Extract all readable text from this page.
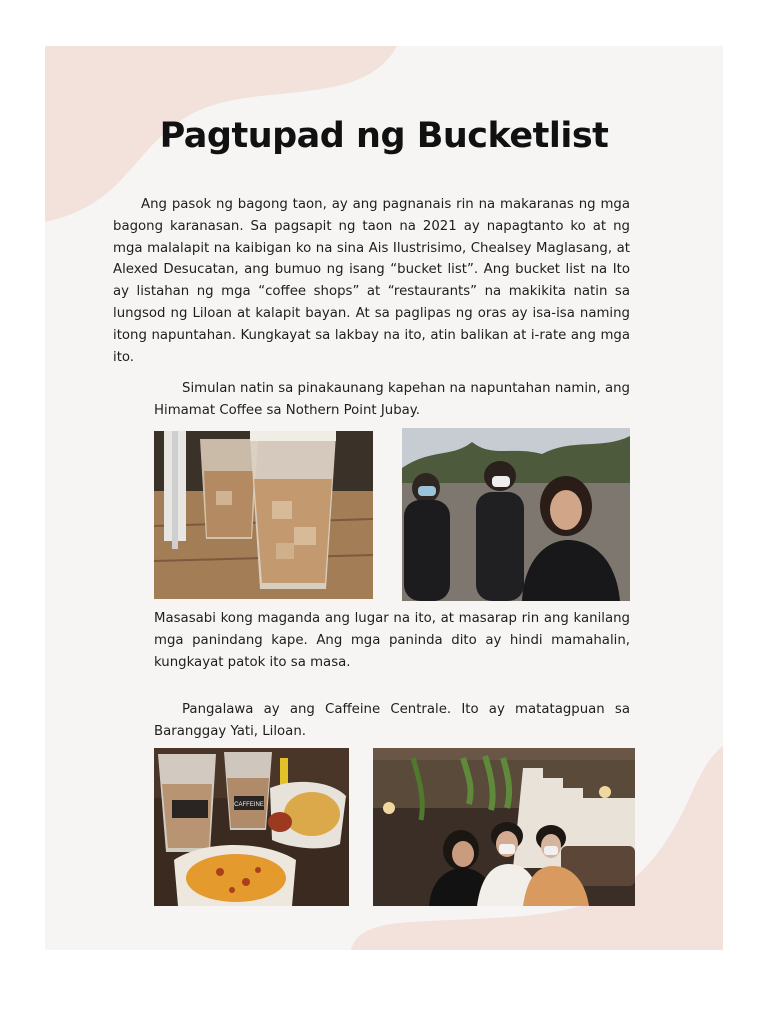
Pagtupad ng Bucketlist

Ang pasok ng bagong taon, ay ang pagnanais rin na makaranas ng mga bagong karanasan. Sa pagsapit ng taon na 2021 ay napagtanto ko at ng mga malalapit na kaibigan ko na sina Ais Ilustrisimo, Chealsey Maglasang, at Alexed Desucatan, ang bumuo ng isang “bucket list”. Ang bucket list na Ito ay listahan ng mga “coffee shops” at “restaurants” na makikita natin sa lungsod ng Liloan at kalapit bayan. At sa paglipas ng oras ay isa-isa naming itong napuntahan. Kungkayat sa lakbay na ito, atin balikan at i-rate ang mga ito.

Simulan natin sa pinakaunang kapehan na napuntahan namin, ang Himamat Coffee sa Nothern Point Jubay.

Masasabi kong maganda ang lugar na ito, at masarap rin ang kanilang mga panindang kape. Ang mga paninda dito ay hindi mamahalin, kungkayat patok ito sa masa.

Pangalawa ay ang Caffeine Centrale. Ito ay matatagpuan sa Baranggay Yati, Liloan.

CAFFEINE
